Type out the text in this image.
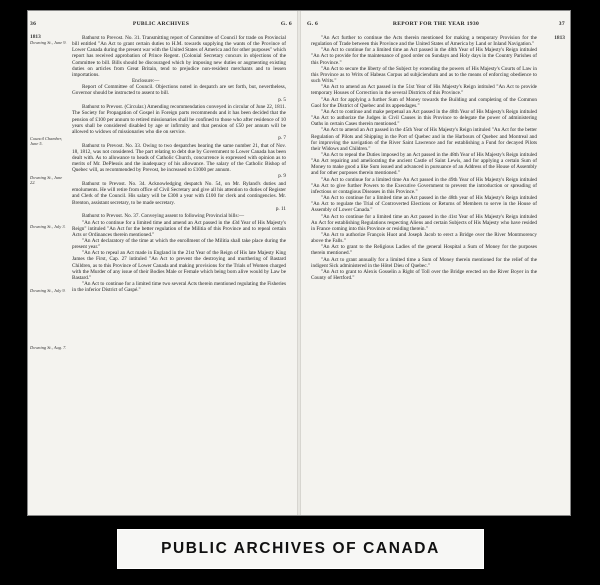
36	PUBLIC ARCHIVES	G. 6
1813
Downing St., June 9.
Council Chamber, June 5.
Downing St., June 22.
Downing St., July 3.
Downing St., July 9.
Downing St., Aug. 7.

Bathurst to Prevost. No. 31. Transmitting report of Committee of Council for trade on Provincial bill entitled "An Act to grant certain duties to H.M. towards supplying the wants of the Province of Lower Canada during the present war with the United States of America and for other purposes" which report has received approbation of Prince Regent. (Colonial Secretary concurs in objections of the Committee to bill. Bills should be discouraged which by imposing new duties or augmenting existing duties on articles from Great Britain, tend to prejudice non-resident merchants and to lessen importations.

Enclosure:—

Report of Committee of Council. Objections noted in despatch are set forth, but, nevertheless, Governor should be instructed to assent to bill.

p. 5

Bathurst to Prevost. (Circular.) Amending recommendation conveyed in circular of June 22, 1811. The Society for Propagation of Gospel in Foreign parts recommends and it has been decided that the pension of £100 per annum to retired missionaries shall be confined to those who after residence of 10 years shall be considered disabled by age or infirmity and that pension of £50 per annum will be allowed to widows of missionaries who die on service.

p. 7

Bathurst to Prevost. No. 33. Owing to two despatches bearing the same number 21, that of Nov. 18, 1812, was not considered. The part relating to debt due by Government to Lower Canada has been dealt with. As to allowance to heads of Catholic Church, concurrence is expressed with opinion as to merits of Mr. DePlessis and the inadequacy of his allowance. The salary of the Catholic Bishop of Quebec will, as recommended by Prevost, be increased to £1000 per annum.

p. 9

Bathurst to Prevost. No. 34. Acknowledging despatch No. 54, on Mr. Ryland's duties and emoluments. He will retire from office of Civil Secretary and give all his attention to duties of Register and Clerk of the Council. His salary will be £300 a year with £100 for clerk and contingencies. Mr. Brenton, assistant secretary, to be made secretary.

p. 11

Bathurst to Prevost. No. 37. Conveying assent to following Provincial bills:—

"An Act to continue for a limited time and amend an Act passed in the 43d Year of His Majesty's Reign" intituled "An Act for the better regulation of the Militia of this Province and to repeal certain Acts or Ordinances therein mentioned."

"An Act declaratory of the time at which the enrollment of the Militia shall take place during the present year."

"An Act to repeal an Act made in England in the 21st Year of the Reign of His late Majesty King James the First, Cap. 27 intituled "An Act to prevent the destroying and murthering of Bastard Children, as to this Province of Lower Canada and making provisions for the Trials of Women charged with the Murder of any issue of their Bodies Male or Female which being born alive would by Law be Bastard."

"An Act to continue for a limited time two several Acts therein mentioned regulating the Fisheries in the inferior District of Gaspé."

G. 6	REPORT FOR THE YEAR 1930	37
1813

"An Act further to continue the Acts therein mentioned for making a temporary Provision for the regulation of Trade between this Province and the United States of America by Land or Inland Navigation."

"An Act to continue for a limited time an Act passed in the 48th Year of His Majesty's Reign intituled "An Act to provide for the maintenance of good order on Sundays and Holy days in the Country Parishes of this Province."

"An Act to secure the liberty of the Subject by extending the powers of His Majesty's Courts of Law in this Province as to Writs of Habeas Corpus ad subjiciendum and as to the means of enforcing obedience to such Writs."

"An Act to amend an Act passed in the 51st Year of His Majesty's Reign intituled "An Act to provide temporary Houses of Correction in the several Districts of this Province."

"An Act for applying a further Sum of Money towards the Building and completing of the Common Gaol for the District of Quebec and its appendages."

"An Act to continue and make perpetual an Act passed in the 48th Year of His Majesty's Reign intituled "An Act to authorize the Judges in Civil Causes in this Province to delegate the power of administering Oaths in certain Cases therein mentioned."

"An Act to amend an Act passed in the 45th Year of His Majesty's Reign intituled "An Act for the better Regulation of Pilots and Shipping in the Port of Quebec and in the Harbours of Quebec and Montreal and for improving the navigation of the River Saint Lawrence and for establishing a Fund for decayed Pilots their Widows and Children."

"An Act to repeal the Duties imposed by an Act passed in the 48th Year of His Majesty's Reign intituled "An Act repairing and ameliorating the ancient Castle of Saint Lewis, and for applying a certain Sum of Money to make good a like Sum issued and advanced in pursuance of an Address of the House of Assembly and for other purposes therein mentioned."

"An Act to continue for a limited time An Act passed in the 49th Year of His Majesty's Reign intituled "An Act to give further Powers to the Executive Government to prevent the introduction or spreading of infectious or contagious Diseases in this Province."

"An Act to continue for a limited time an Act passed in the 48th year of His Majesty's Reign intituled "An Act to regulate the Trial of Controverted Elections or Returns of Members to serve in the House of Assembly of Lower Canada."

"An Act to continue for a limited time an Act passed in the 41st Year of His Majesty's Reign intituled An Act for establishing Regulations respecting Aliens and certain Subjects of His Majesty who have resided in France coming into this Province or residing therein."

"An Act to authorize François Huot and Joseph Jacob to erect a Bridge over the River Montmorency above the Falls."

"An Act to grant to the Religious Ladies of the general Hospital a Sum of Money for the purposes therein mentioned."

"An Act to grant annually for a limited time a Sum of Money therein mentioned for the relief of the indigent Sick administered in the Hôtel Dieu of Quebec."

"An Act to grant to Alexis Gosselin a Right of Toll over the Bridge erected on the River Boyer in the County of Hertford."

PUBLIC ARCHIVES OF CANADA
